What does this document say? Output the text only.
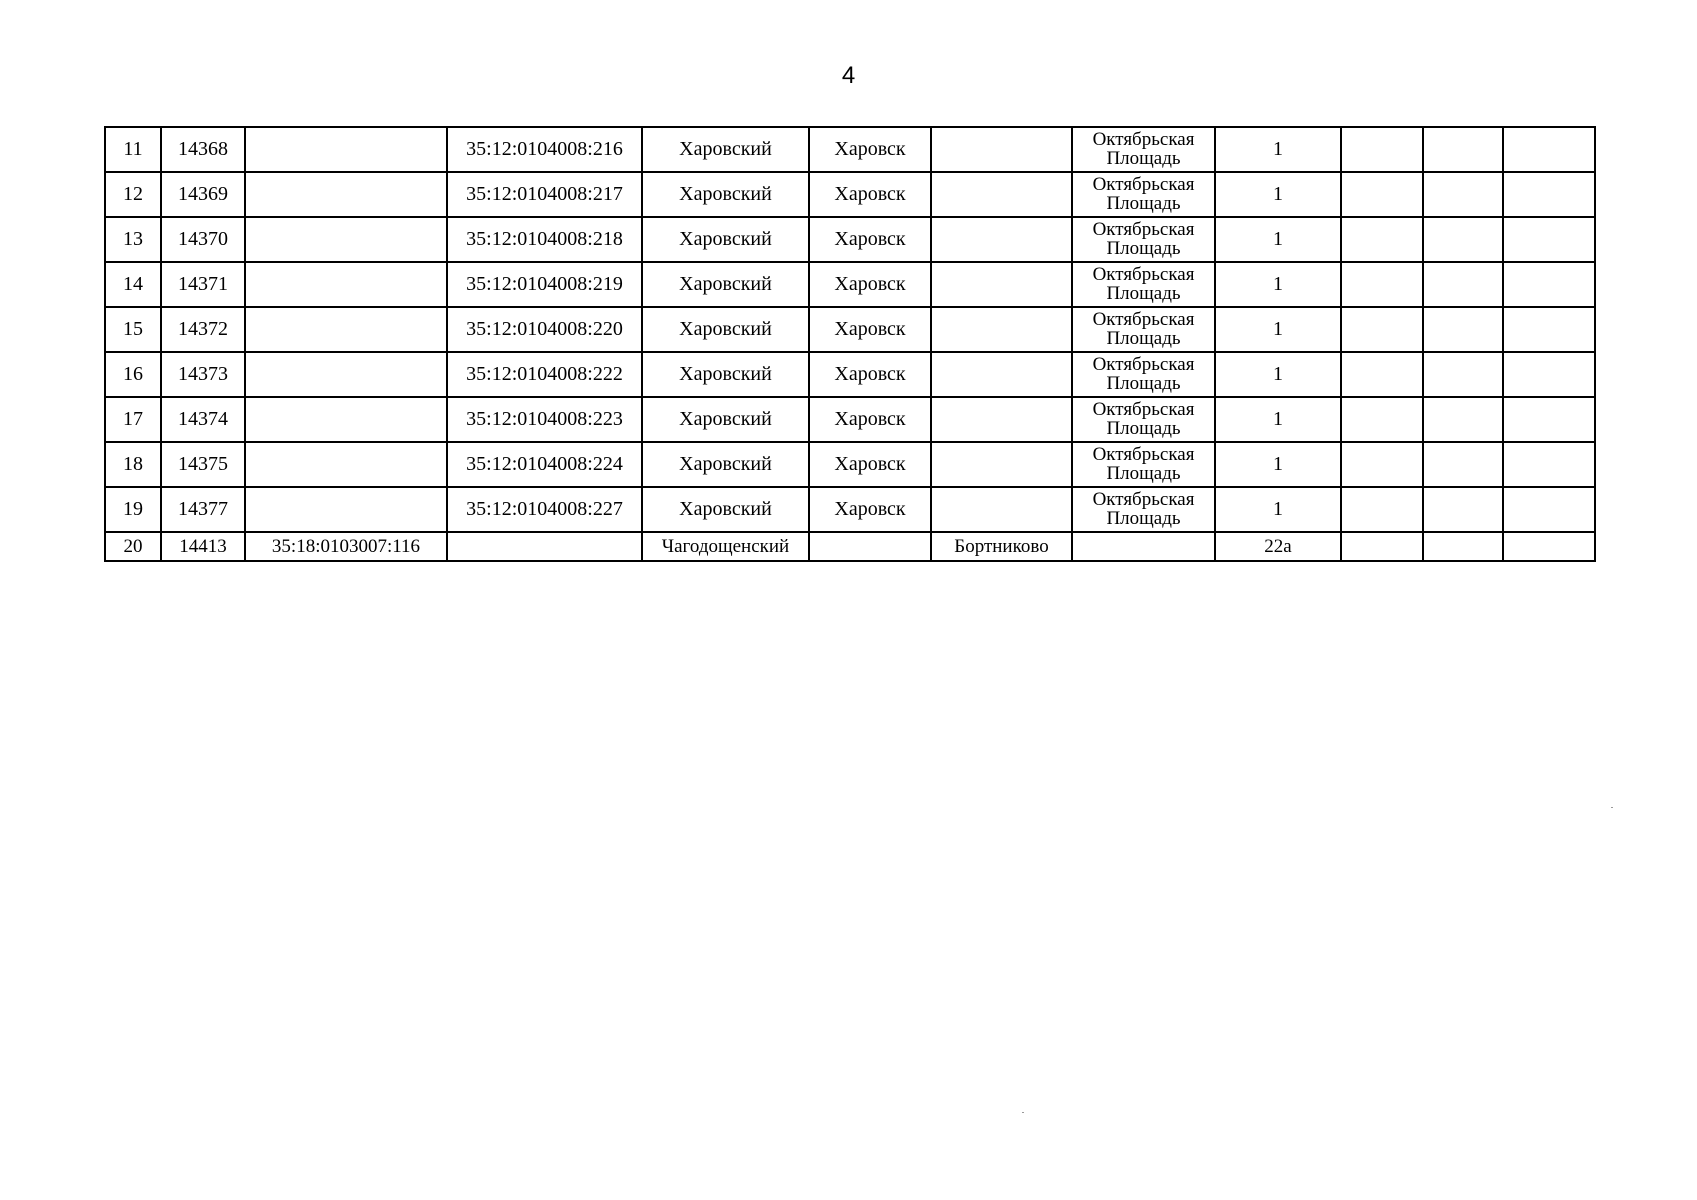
4
11	14368		35:12:0104008:216	Харовский	Харовск		Октябрьская
Площадь	1			
12	14369		35:12:0104008:217	Харовский	Харовск		Октябрьская
Площадь	1			
13	14370		35:12:0104008:218	Харовский	Харовск		Октябрьская
Площадь	1			
14	14371		35:12:0104008:219	Харовский	Харовск		Октябрьская
Площадь	1			
15	14372		35:12:0104008:220	Харовский	Харовск		Октябрьская
Площадь	1			
16	14373		35:12:0104008:222	Харовский	Харовск		Октябрьская
Площадь	1			
17	14374		35:12:0104008:223	Харовский	Харовск		Октябрьская
Площадь	1			
18	14375		35:12:0104008:224	Харовский	Харовск		Октябрьская
Площадь	1			
19	14377		35:12:0104008:227	Харовский	Харовск		Октябрьская
Площадь	1			
20	14413	35:18:0103007:116		Чагодощенский		Бортниково		22а			
